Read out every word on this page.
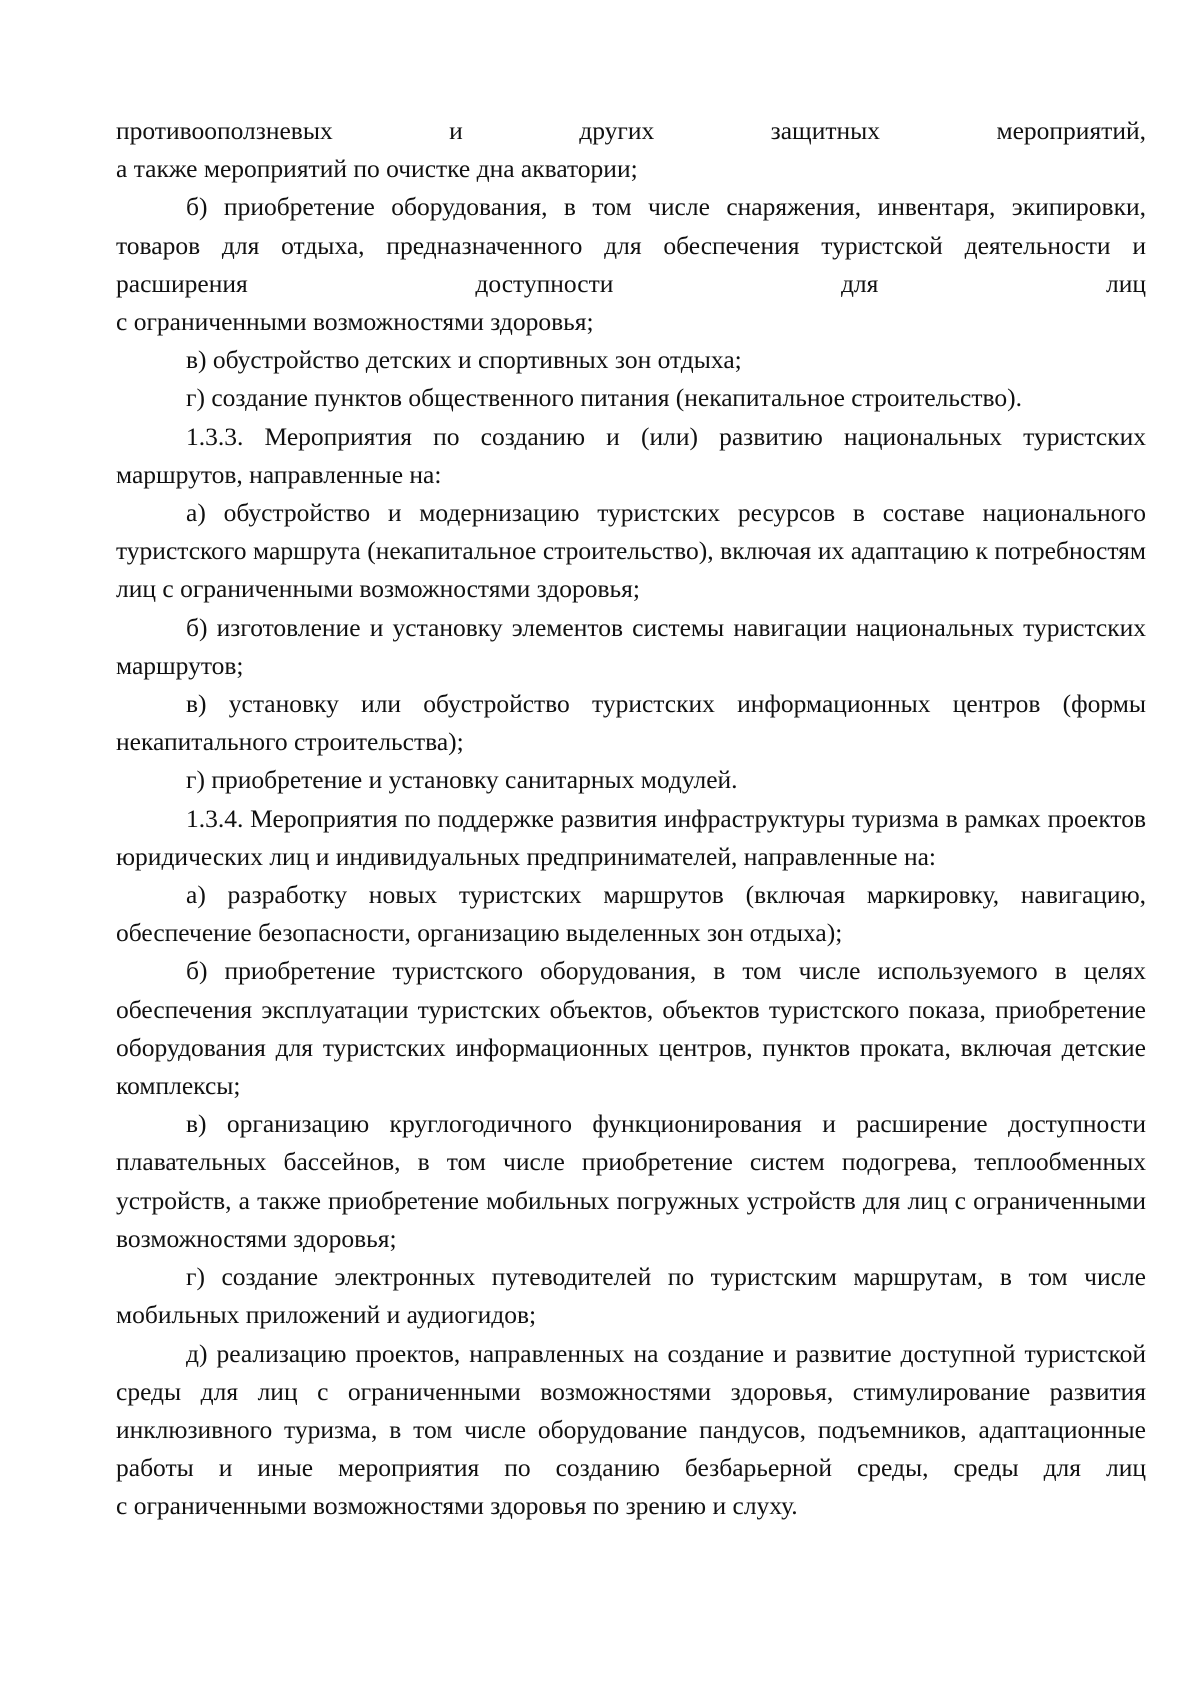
противооползневых и других защитных мероприятий,

а также мероприятий по очистке дна акватории;

б) приобретение оборудования, в том числе снаряжения, инвентаря, экипировки, товаров для отдыха, предназначенного для обеспечения туристской деятельности и расширения доступности для лиц

с ограниченными возможностями здоровья;

в) обустройство детских и спортивных зон отдыха;

г) создание пунктов общественного питания (некапитальное строительство).

1.3.3. Мероприятия по созданию и (или) развитию национальных туристских маршрутов, направленные на:

а) обустройство и модернизацию туристских ресурсов в составе национального туристского маршрута (некапитальное строительство), включая их адаптацию к потребностям лиц с ограниченными возможностями здоровья;

б) изготовление и установку элементов системы навигации национальных туристских маршрутов;

в) установку или обустройство туристских информационных центров (формы некапитального строительства);

г) приобретение и установку санитарных модулей.

1.3.4. Мероприятия по поддержке развития инфраструктуры туризма в рамках проектов юридических лиц и индивидуальных предпринимателей, направленные на:

а) разработку новых туристских маршрутов (включая маркировку, навигацию, обеспечение безопасности, организацию выделенных зон отдыха);

б) приобретение туристского оборудования, в том числе используемого в целях обеспечения эксплуатации туристских объектов, объектов туристского показа, приобретение оборудования для туристских информационных центров, пунктов проката, включая детские комплексы;

в) организацию круглогодичного функционирования и расширение доступности плавательных бассейнов, в том числе приобретение систем подогрева, теплообменных устройств, а также приобретение мобильных погружных устройств для лиц с ограниченными возможностями здоровья;

г) создание электронных путеводителей по туристским маршрутам, в том числе мобильных приложений и аудиогидов;

д) реализацию проектов, направленных на создание и развитие доступной туристской среды для лиц с ограниченными возможностями здоровья, стимулирование развития инклюзивного туризма, в том числе оборудование пандусов, подъемников, адаптационные работы и иные мероприятия по созданию безбарьерной среды, среды для лиц

с ограниченными возможностями здоровья по зрению и слуху.
